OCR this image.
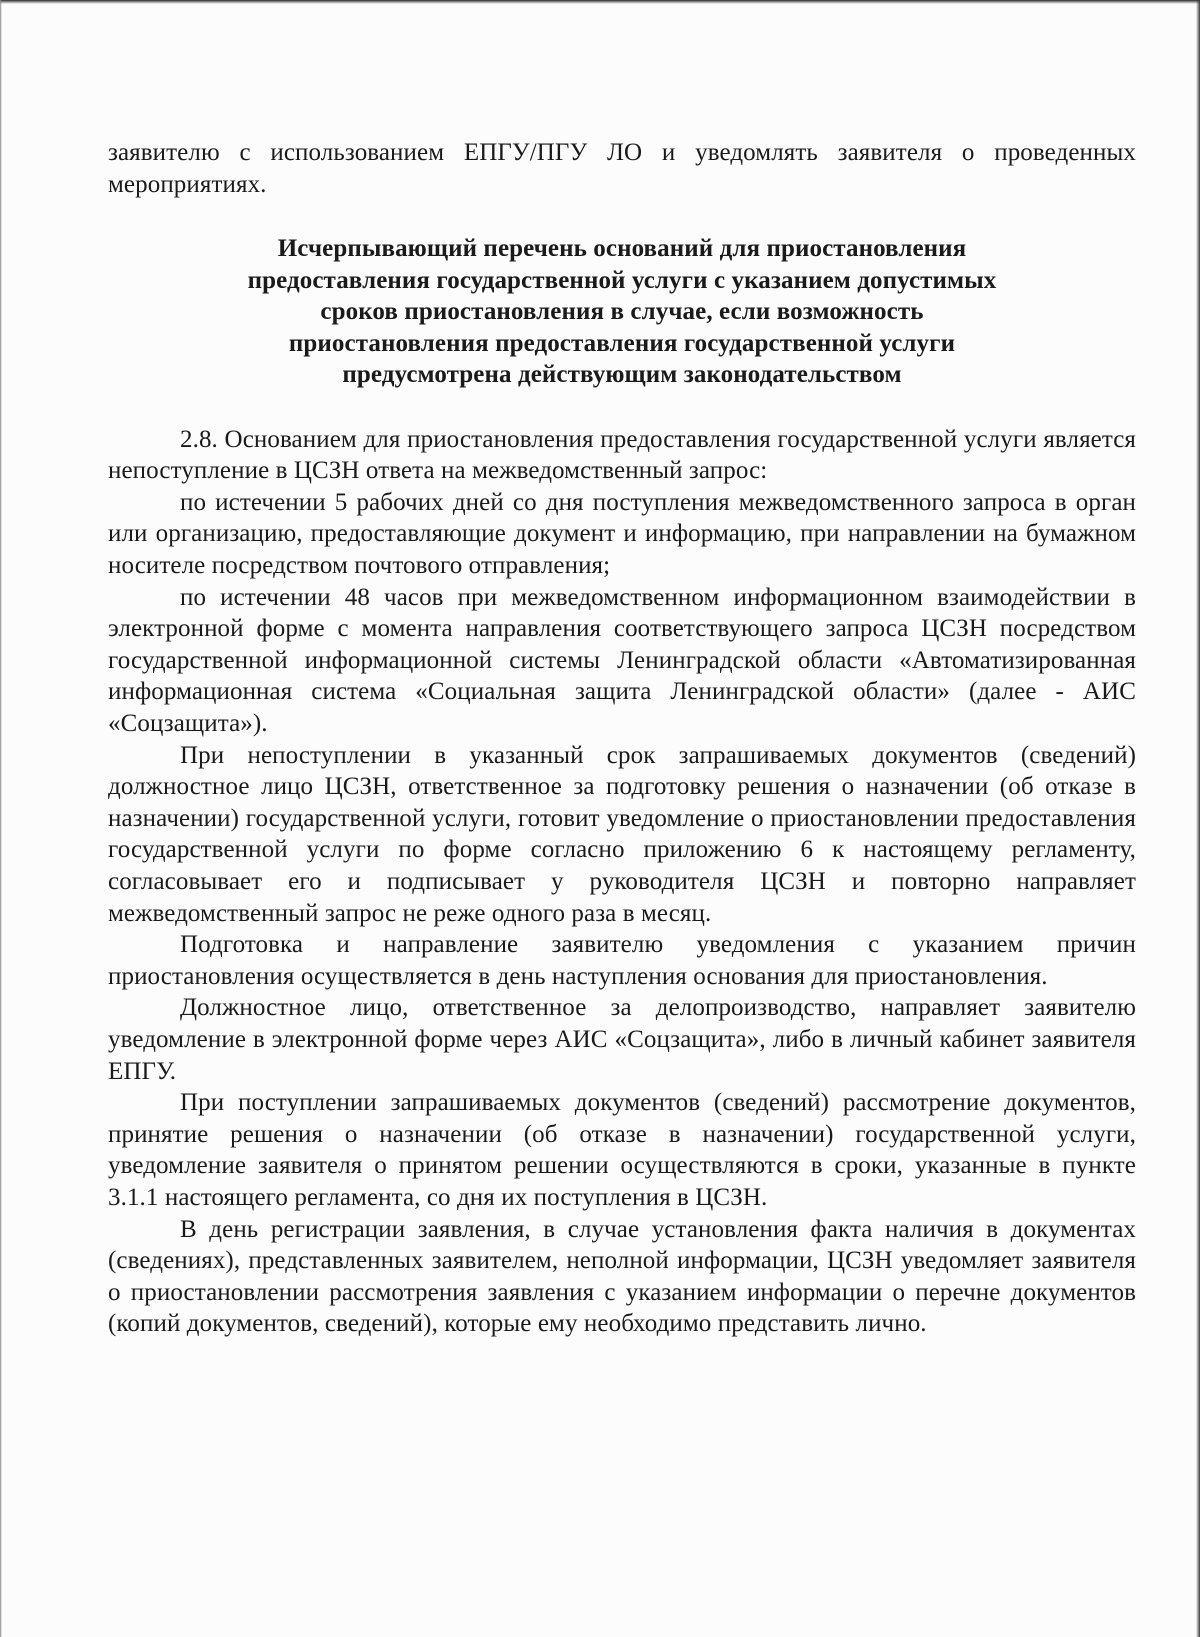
заявителю с использованием ЕПГУ/ПГУ ЛО и уведомлять заявителя о проведенных

мероприятиях.

Исчерпывающий перечень оснований для приостановления
предоставления государственной услуги с указанием допустимых
сроков приостановления в случае, если возможность
приостановления предоставления государственной услуги
предусмотрена действующим законодательством

2.8. Основанием для приостановления предоставления государственной услуги является непоступление в ЦСЗН ответа на межведомственный запрос:

по истечении 5 рабочих дней со дня поступления межведомственного запроса в орган или организацию, предоставляющие документ и информацию, при направлении на бумажном носителе посредством почтового отправления;

по истечении 48 часов при межведомственном информационном взаимодействии в электронной форме с момента направления соответствующего запроса ЦСЗН посредством государственной информационной системы Ленинградской области «Автоматизированная информационная система «Социальная защита Ленинградской области» (далее - АИС «Соцзащита»).

При непоступлении в указанный срок запрашиваемых документов (сведений) должностное лицо ЦСЗН, ответственное за подготовку решения о назначении (об отказе в назначении) государственной услуги, готовит уведомление о приостановлении предоставления государственной услуги по форме согласно приложению 6 к настоящему регламенту, согласовывает его и подписывает у руководителя ЦСЗН и повторно направляет межведомственный запрос не реже одного раза в месяц.

Подготовка и направление заявителю уведомления с указанием причин приостановления осуществляется в день наступления основания для приостановления.

Должностное лицо, ответственное за делопроизводство, направляет заявителю уведомление в электронной форме через АИС «Соцзащита», либо в личный кабинет заявителя ЕПГУ.

При поступлении запрашиваемых документов (сведений) рассмотрение документов, принятие решения о назначении (об отказе в назначении) государственной услуги, уведомление заявителя о принятом решении осуществляются в сроки, указанные в пункте 3.1.1 настоящего регламента, со дня их поступления в ЦСЗН.

В день регистрации заявления, в случае установления факта наличия в документах (сведениях), представленных заявителем, неполной информации, ЦСЗН уведомляет заявителя о приостановлении рассмотрения заявления с указанием информации о перечне документов (копий документов, сведений), которые ему необходимо представить лично.
